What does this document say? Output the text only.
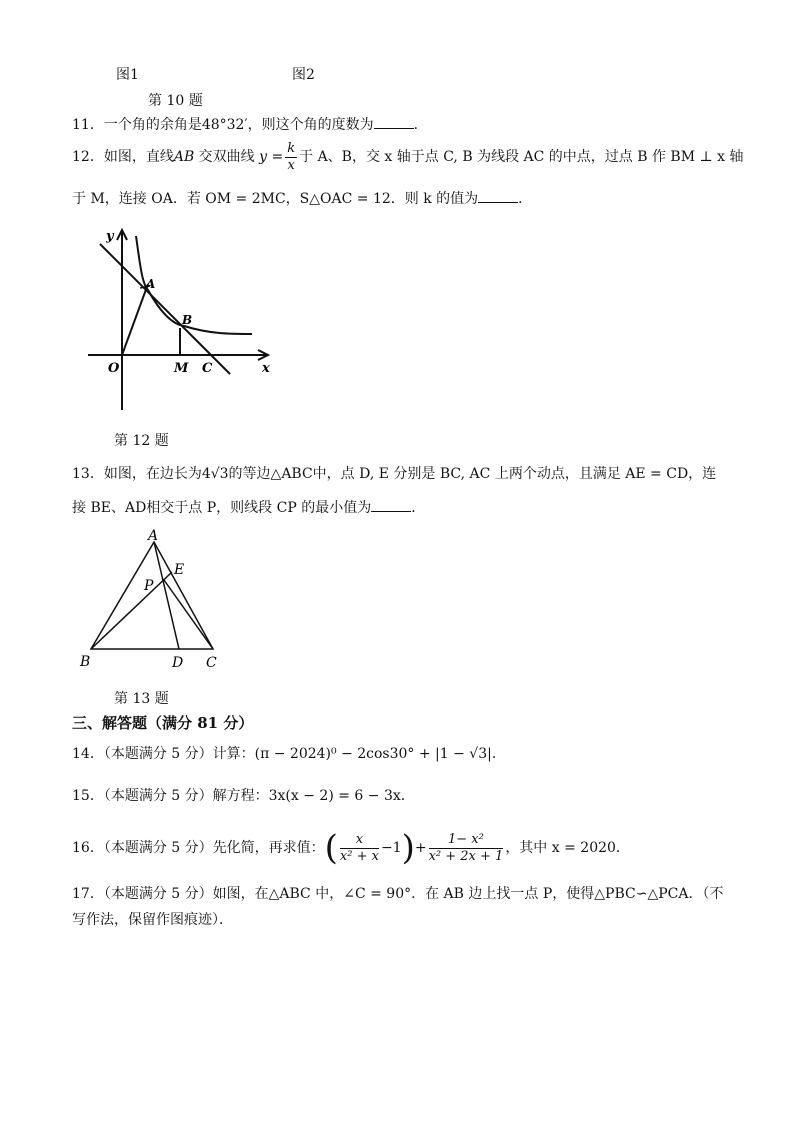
图1	图2
第 10 题
11．一个角的余角是48°32′，则这个角的度数为	．
12．如图，直线AB 交双曲线 $y = \frac{k}{x}$ 于 A、B，交 x 轴于点 C, B 为线段 AC 的中点，过点 B 作 BM ⊥ x 轴
于 M，连接 OA．若 OM = 2MC，S△OAC = 12．则 k 的值为	．
y
x
O
A
B
M C
第 12 题
13．如图，在边长为4√3的等边△ABC中，点 D, E 分别是 BC, AC 上两个动点，且满足 AE = CD，连
接 BE、AD相交于点 P，则线段 CP 的最小值为	．
A
B	C
D
E
P
第 13 题
三、解答题（满分 81 分）
14．（本题满分 5 分）计算：(π − 2024)⁰ − 2cos30° + |1 − √3|．
15．（本题满分 5 分）解方程：3x(x − 2) = 6 − 3x．
16．（本题满分 5 分）先化简，再求值：( $\frac{x}{\text{x² + x}} -1)+ \frac{\text{1− x²}}{\text{x² + 2x + 1}}$ ，其中 x = 2020．
17．（本题满分 5 分）如图，在△ABC 中，∠C = 90°．在 AB 边上找一点 P，使得△PBC∽△PCA．（不
写作法，保留作图痕迹）．
